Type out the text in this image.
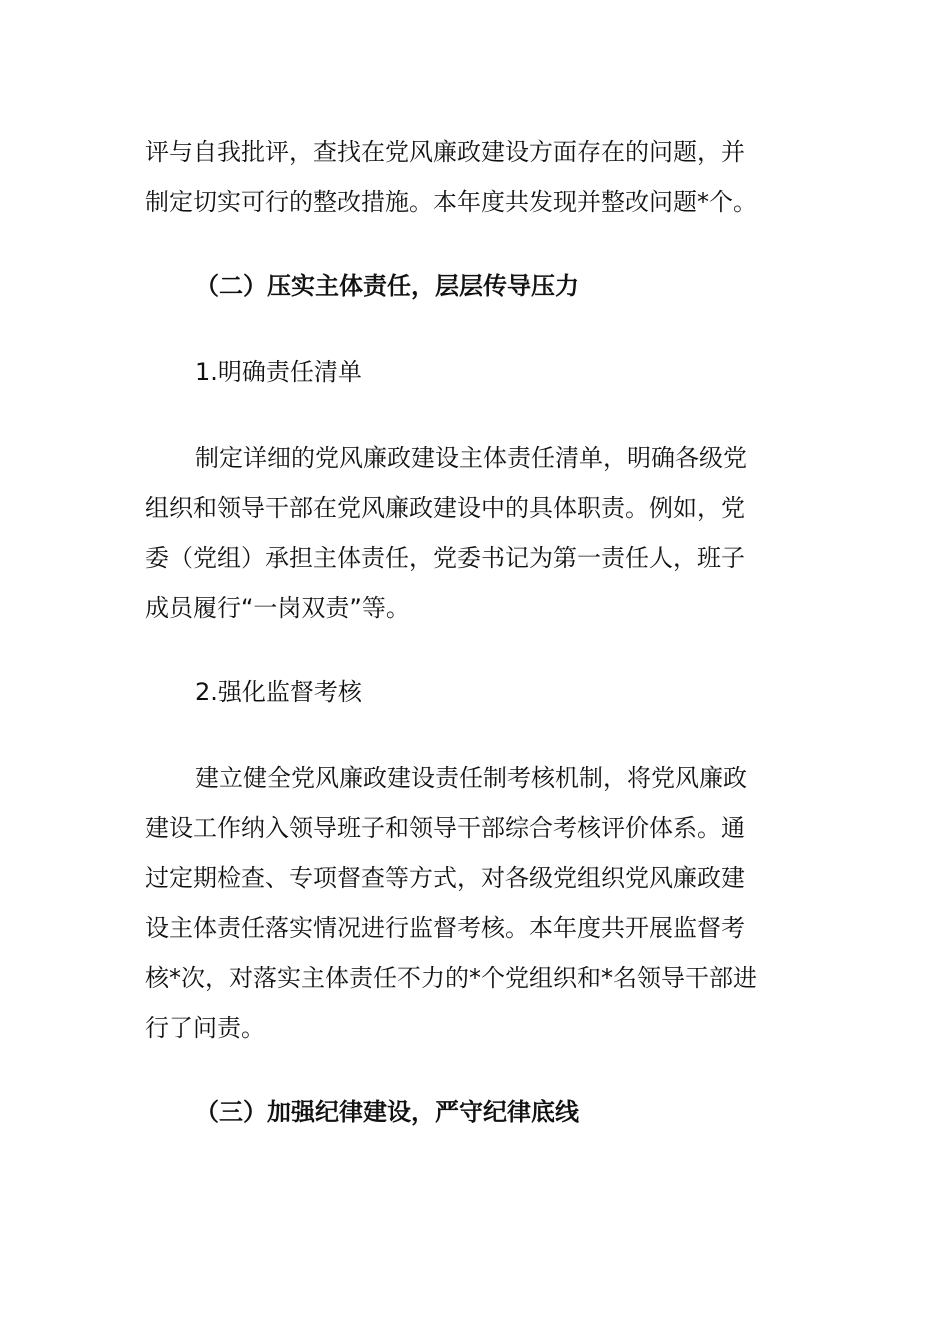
评与自我批评，查找在党风廉政建设方面存在的问题，并
制定切实可行的整改措施。本年度共发现并整改问题*个。

（二）压实主体责任，层层传导压力

1.明确责任清单

制定详细的党风廉政建设主体责任清单，明确各级党
组织和领导干部在党风廉政建设中的具体职责。例如，党
委（党组）承担主体责任，党委书记为第一责任人，班子
成员履行“一岗双责”等。

2.强化监督考核

建立健全党风廉政建设责任制考核机制，将党风廉政
建设工作纳入领导班子和领导干部综合考核评价体系。通
过定期检查、专项督查等方式，对各级党组织党风廉政建
设主体责任落实情况进行监督考核。本年度共开展监督考
核*次，对落实主体责任不力的*个党组织和*名领导干部进
行了问责。

（三）加强纪律建设，严守纪律底线
